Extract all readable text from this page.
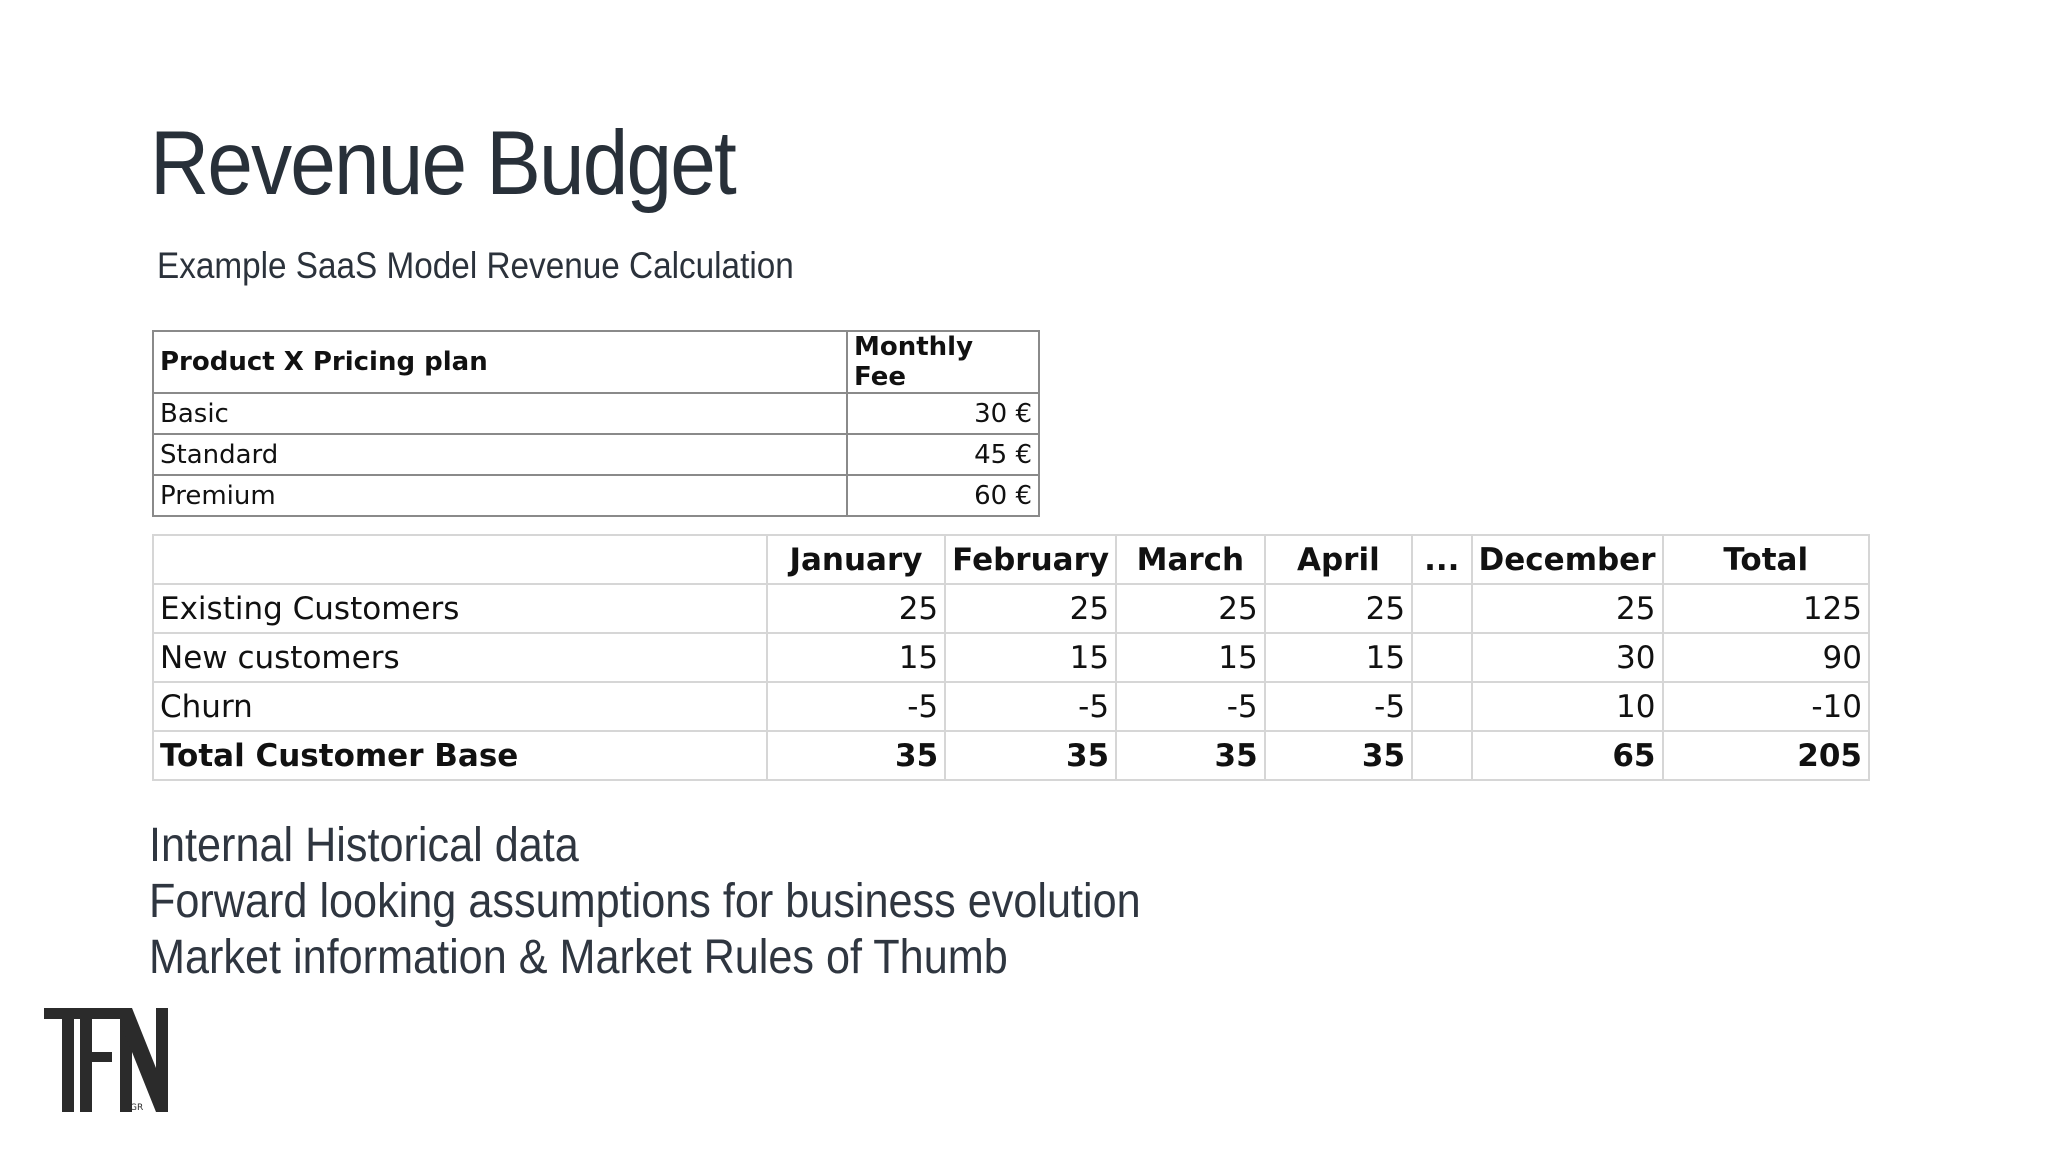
Revenue Budget
Example SaaS Model Revenue Calculation
Product X Pricing plan	Monthly Fee
Basic	30 €
Standard	45 €
Premium	60 €
	January	February	March	April	...	December	Total
Existing Customers	25	25	25	25		25	125
New customers	15	15	15	15		30	90
Churn	-5	-5	-5	-5		10	-10
Total Customer Base	35	35	35	35		65	205
Internal Historical data
Forward looking assumptions for business evolution
Market information & Market Rules of Thumb
GR
